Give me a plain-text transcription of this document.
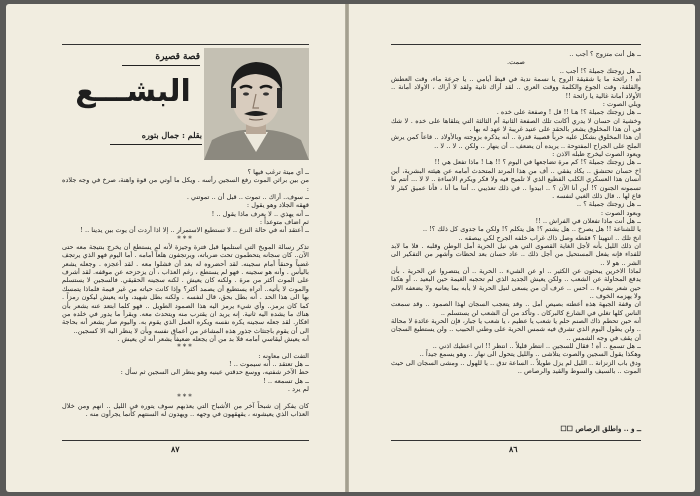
قصة قصيرة
البشـــع
بقلم : جمال بتوره

ــ أي ميتة ترغب فيها ؟

من بين براثن الموت رفع السجين رأسه . ويكل ما أوتي من قوة واهنة، صرخ في وجه جلاده :

ــ سوف.. أراك .. تموت .. قبل أن .. تموتني .

قهقه الجلاد وهو يقول :

ــ أنه يهذي .. لا يعرف ماذا يقول .. !

ثم اضاف متوعداً :

ــ أعتقد أنه في حالة النزع .. لا تستطيع الاستمرار .. إلا اذا أردت أن يوت بين يدينا .. !

***

تذكر رسالة الموبخ التي استلمها قبل فترة وجيزة لأنه لم يستطع أن يخرج بنتيجة معه حتى الآن.. كان سجانه يتحطمون تحت ضرباته، ويرتجفون هلعاً أمامه . أما اليوم فهو الذي يرتجف غضباً وحنقاً أمام سجينه. لقد أحضروه له بعد أن فشلوا معه . لقد أعجزه . وجعله يشعر باليأس . وأنه هو سجينه . فهو لم يستطع ، رغم العذاب ، أن يزحزحه عن موقفه. لقد أشرف على الموت أكثر من مرة . ولكنه كان يعيش . لكنه سجينه الحقيقي. فالسجين لا يستسلم والموت لا يأتيه.. أتراه يستطيع أن يصمد أكثر؟ وإذا كانت حياته من غير قيمة فلماذا يتمسك بها الى هذا الحد . أنه بطل بحق، قال لنفسه . ولكنه بطل شهيد، وانه يعيش ليكون رمزاً . كما كان يرمز.. وأي شيء يرمز اليه هذا الصمود الطويل .. فهو كلما ابتعد عنه يشعر بأن هناك ما يشده اليه ثانية. إنه يريد ان يقترب منه ويتحدث معه. ويقرأ ما يدور في خلده من افكار. لقد جعله سجينه يكره نفسه ويكره العمل الذي يقوم به. واليوم صار يشعر أنه بحاجة الى أن يقوم باجتثاث جذور هذه المشاعر من أعماق نفسه وبأن لا ينظر اليه الا كسجين..

أنه يعيش ليقاسي أمامه فلا بد من أن يجعله ضعيفاً يشعر أنه لن يعيش .

***

التفت الى معاونه :

ــ هل تعتقد .. أنه سيموت .. !

حط الآخر شفتيه، ووسع حدقتي عينيه وهو ينظر الى السجين ثم سأل :

ــ هل تسمعه .. !

لم يرد .

***

كان يفكر إن شبحاً آخر من الأشباح التي يعذبهم سوف يتوره في الليل .. انهم ومن خلال العذاب الذي يعيشونه ، يقهقهون في وجهه .. ويهدون له السنتهم كأنما يجرأون منه .

٨٧

ــ هل أنت متزوج ؟ أجب ..

صمت.

ــ هل زوجتك جميلة ؟! أجب ..

أه ! رائحة ما يا شقيقة الروح يا نسمة ندية في قيظ أيامي .. يا جرعة ماء، وقت العطش والقلقة، وقت الجوع والكلمة ووقت العري .. لقد أراك ثانية ولقد لا أراك ، الاولاد أمانة .. الأولاد أمانة غالية يا رائحة !!

ويلي الصوت :

ــ هل زوجتك جميلة ؟! هـا !! قل ! وصفعة على خده .

وخشية ان حسان لا يدري أكانت تلك الصفعة الثانية أم الثالثة التي يتلقاها على خده . لا شك في أن هذا المخلوق يشعر بالحقد على عنيد غريبة لا عهد له بها .

أن هذا المخلوق بشكل عليه حرباً قصيبة قدرة .. أنه يذكره بزوجته وبالأولاد .. قاعاً كمن يرش الملح على الجراح المفتوحة .. يريده أن يضعف .. أن ينهار .. ولكن .. لا .. لا ..

ويعود الصوت ليخرج ظبله الاذن :

ــ هل زوجتك جميلة ؟! كم مرة تضاجعها في اليوم ؟ !! هـا ! ماذا تفعل هي !!

اخ حسان تحتشق .. يكاد يفقي .. أف من هذا المرتد المتحدث أمامه عن هيئته البشرية، أين أنسان هذا العسكري الكلب الفظيع الذي لا تلميح فيه ولا فكر ويكرم الاساءة .. لا لا ... أنتم ما تسمونه الجنون ؟! أين أنا الآن ؟ .. ابيدوا .. في ذلك تعذيبي .. أننا ما أنا ، فأنا عميق كبئر لا قاع لها .. قال ذلك الغبي لنفسه .

ــ هل زوجتك جميلة ؟ ..

وبعود الصوت :

ــ هل أنت ماذا تفعلان في الفراش .. !!

يا للشناعة !! هل يصرخ .. هل يشتم ؟! هل يتكلم ؟! ولكن ما جدوى كل ذلك ؟! ..

انخ تلك .. انتهينا ؟ فقطه وصل ذاك غراب خلفه الجرح لكي يبصقه ..

ان ذلك الليل بأنه لأجل الغاية القصوى التي هي نيل الحرية أمل الوطن وقلبه . فلا ما لابد للفداء فإنه يفعل المستحيل من أجل ذلك .. عاد حسان بعد لحظات وأشهر من التفكير الى الشر .. هو لا ..

لماذا الاخرين يبحثون عن الكثير .. او عن الشيء .. الحرية .. أن ينتصروا عن الحرية . بأن يدفع المحاولة عن الشعب .. ولكن يعيش الجديد الذي لم تحجبه الغيمة حين البعيد .. أو هكذا حين شعر بشيء .. أحس .. عرف أن من يسعى لنيل الحرية لا يأبه بما يعانيه ولا يضعفه الالم ولا يهزمه الخوف ..

ان وقفة الجبهة هذه أعطته بصيص أمل .. وقد يتعجب السجان لهذا الصمود .. وقد سمعت الناس كلها تغلي في الشارع كالبركان . وتأكد من أن الشعب لن يستسلم ..

أنه حين تحطم ذاك الصنم حلم يا شعب يا عظيم ، يا شعب يا جبار، فإن الحرية عائدة لا محالة .. ولن يطول اليوم الذي تشرق فيه شمس الحرية على وطني الحبيب .. ولن يستطيع السجان أن يقف في وجه الشمس ..

ــ هل تسمع .. أه ! فقال للسجين .. انتظر قليلاً .. انتظر !! اني اعطيك اذني ..

وهكذا يقول السجين والصوت يتلاشى .. والليل يتحول الى نهار .. وهو يسمع جيداً ..

ودق باب الزنزانة .. الليل لم يزل طويلاً .. الساعة تدق .. يا للهول .. ومشى السجان الى حيث الموت .. بالسيف والسوط والقيد والرصاص ..

ــ و .. واطلق الرصاص ☐☐
٨٦
